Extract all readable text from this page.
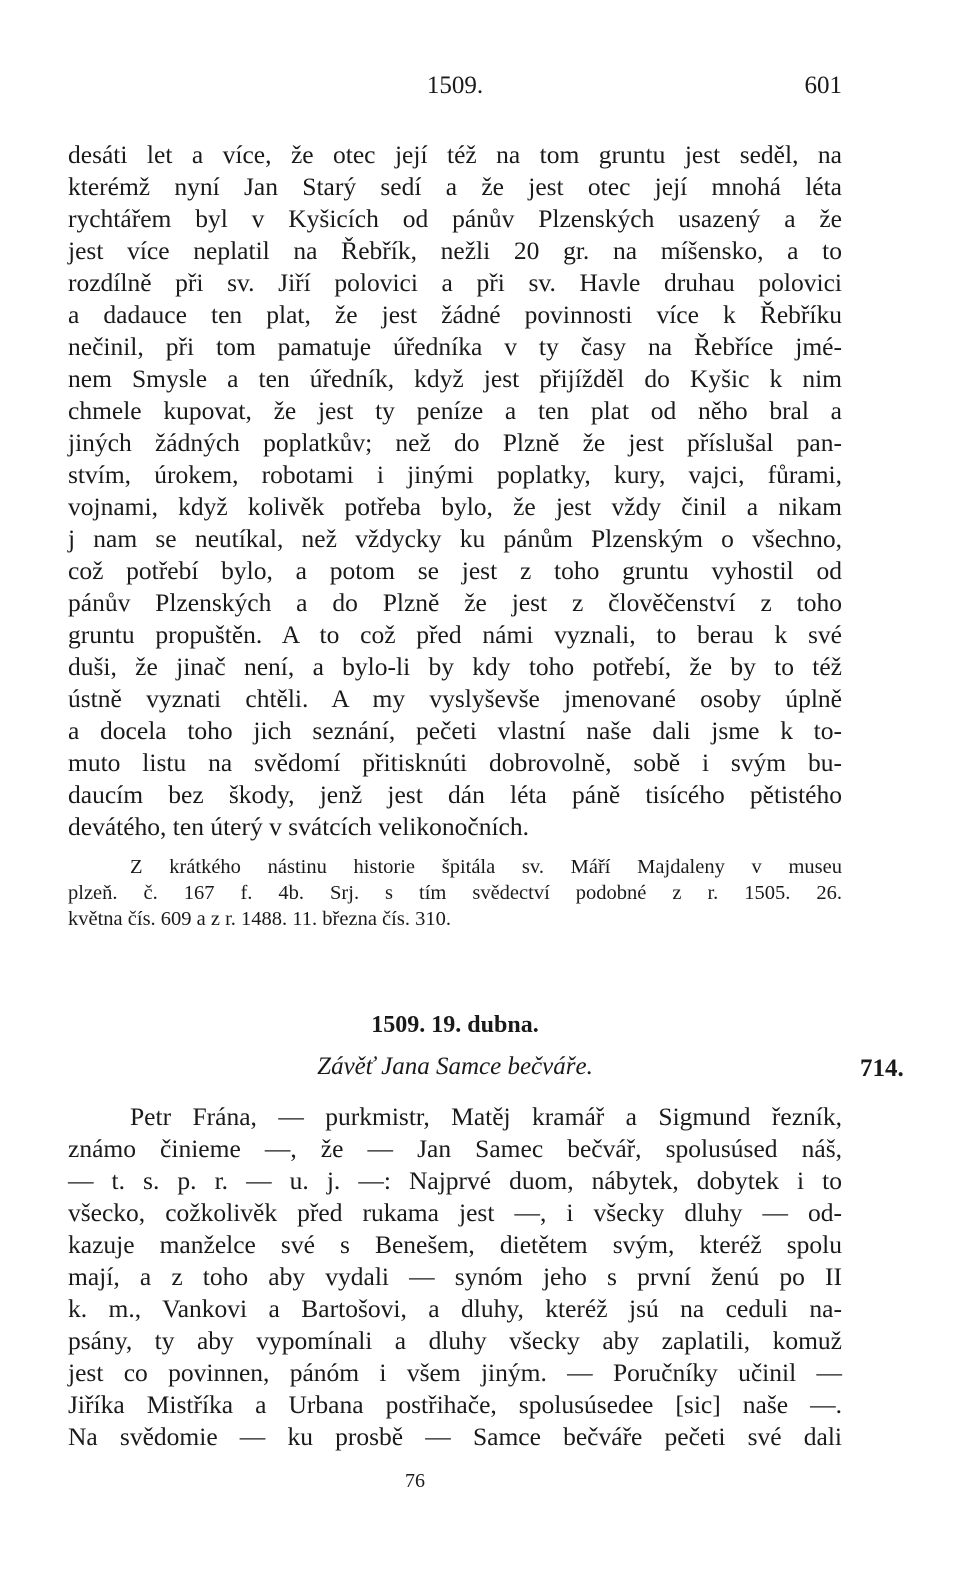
1509.	601
desáti let a více, že otec její též na tom gruntu jest seděl, na
kterémž nyní Jan Starý sedí a že jest otec její mnohá léta
rychtářem byl v Kyšicích od pánův Plzenských usazený a že
jest více neplatil na Řebřík, nežli 20 gr. na míšensko, a to
rozdílně při sv. Jiří polovici a při sv. Havle druhau polovici
a dadauce ten plat, že jest žádné povinnosti více k Řebříku
nečinil, při tom pamatuje úředníka v ty časy na Řebříce jmé-
nem Smysle a ten úředník, když jest přijížděl do Kyšic k nim
chmele kupovat, že jest ty peníze a ten plat od něho bral a
jiných žádných poplatkův; než do Plzně že jest příslušal pan-
stvím, úrokem, robotami i jinými poplatky, kury, vajci, fůrami,
vojnami, když kolivěk potřeba bylo, že jest vždy činil a nikam
j nam se neutíkal, než vždycky ku pánům Plzenským o všechno,
což potřebí bylo, a potom se jest z toho gruntu vyhostil od
pánův Plzenských a do Plzně že jest z člověčenství z toho
gruntu propuštěn. A to což před námi vyznali, to berau k své
duši, že jinač není, a bylo-li by kdy toho potřebí, že by to též
ústně vyznati chtěli. A my vyslyševše jmenované osoby úplně
a docela toho jich seznání, pečeti vlastní naše dali jsme k to-
muto listu na svědomí přitisknúti dobrovolně, sobě i svým bu-
daucím bez škody, jenž jest dán léta páně tisícého pětistého
devátého, ten úterý v svátcích velikonočních.
Z krátkého nástinu historie špitála sv. Máří Majdaleny v museu
plzeň. č. 167 f. 4b. Srj. s tím svědectví podobné z r. 1505. 26.
května čís. 609 a z r. 1488. 11. března čís. 310.
1509. 19. dubna.
Závěť Jana Samce bečváře.	714.
Petr Frána, — purkmistr, Matěj kramář a Sigmund řezník,
známo činieme —, že — Jan Samec bečvář, spolusúsed náš,
— t. s. p. r. — u. j. —: Najprvé duom, nábytek, dobytek i to
všecko, cožkolivěk před rukama jest —, i všecky dluhy — od-
kazuje manželce své s Benešem, dietětem svým, kteréž spolu
mají, a z toho aby vydali — synóm jeho s první ženú po II
k. m., Vankovi a Bartošovi, a dluhy, kteréž jsú na ceduli na-
psány, ty aby vypomínali a dluhy všecky aby zaplatili, komuž
jest co povinnen, pánóm i všem jiným. — Poručníky učinil —
Jiříka Mistříka a Urbana postřihače, spolusúsedee [sic] naše —.
Na svědomie — ku prosbě — Samce bečváře pečeti své dali
76
